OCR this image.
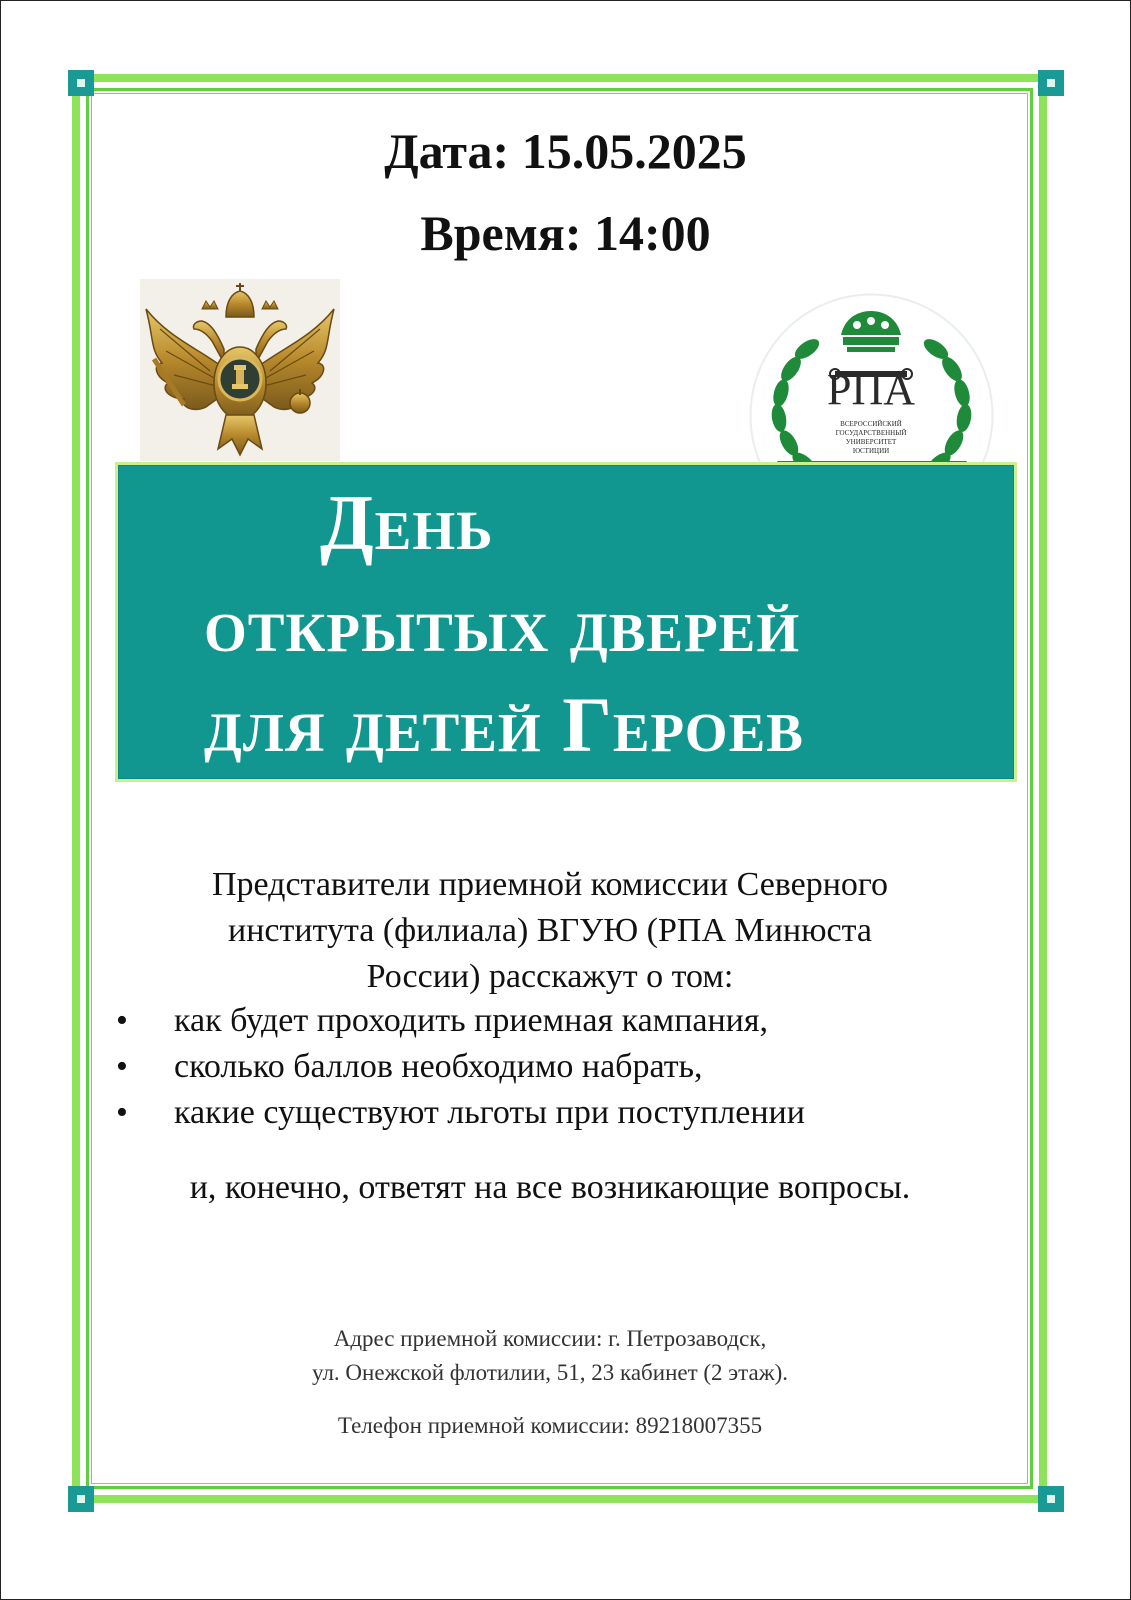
Дата: 15.05.2025
Время: 14:00
РПА
ВСЕРОССИЙСКИЙ
ГОСУДАРСТВЕННЫЙ
УНИВЕРСИТЕТ
ЮСТИЦИИ
День
открытых дверей
для детей Героев
Представители приемной комиссии Северного
института (филиала) ВГУЮ (РПА Минюста
России) расскажут о том:
• как будет проходить приемная кампания,
• сколько баллов необходимо набрать,
• какие существуют льготы при поступлении
и, конечно, ответят на все возникающие вопросы.
Адрес приемной комиссии: г. Петрозаводск,
ул. Онежской флотилии, 51, 23 кабинет (2 этаж).
Телефон приемной комиссии: 89218007355
